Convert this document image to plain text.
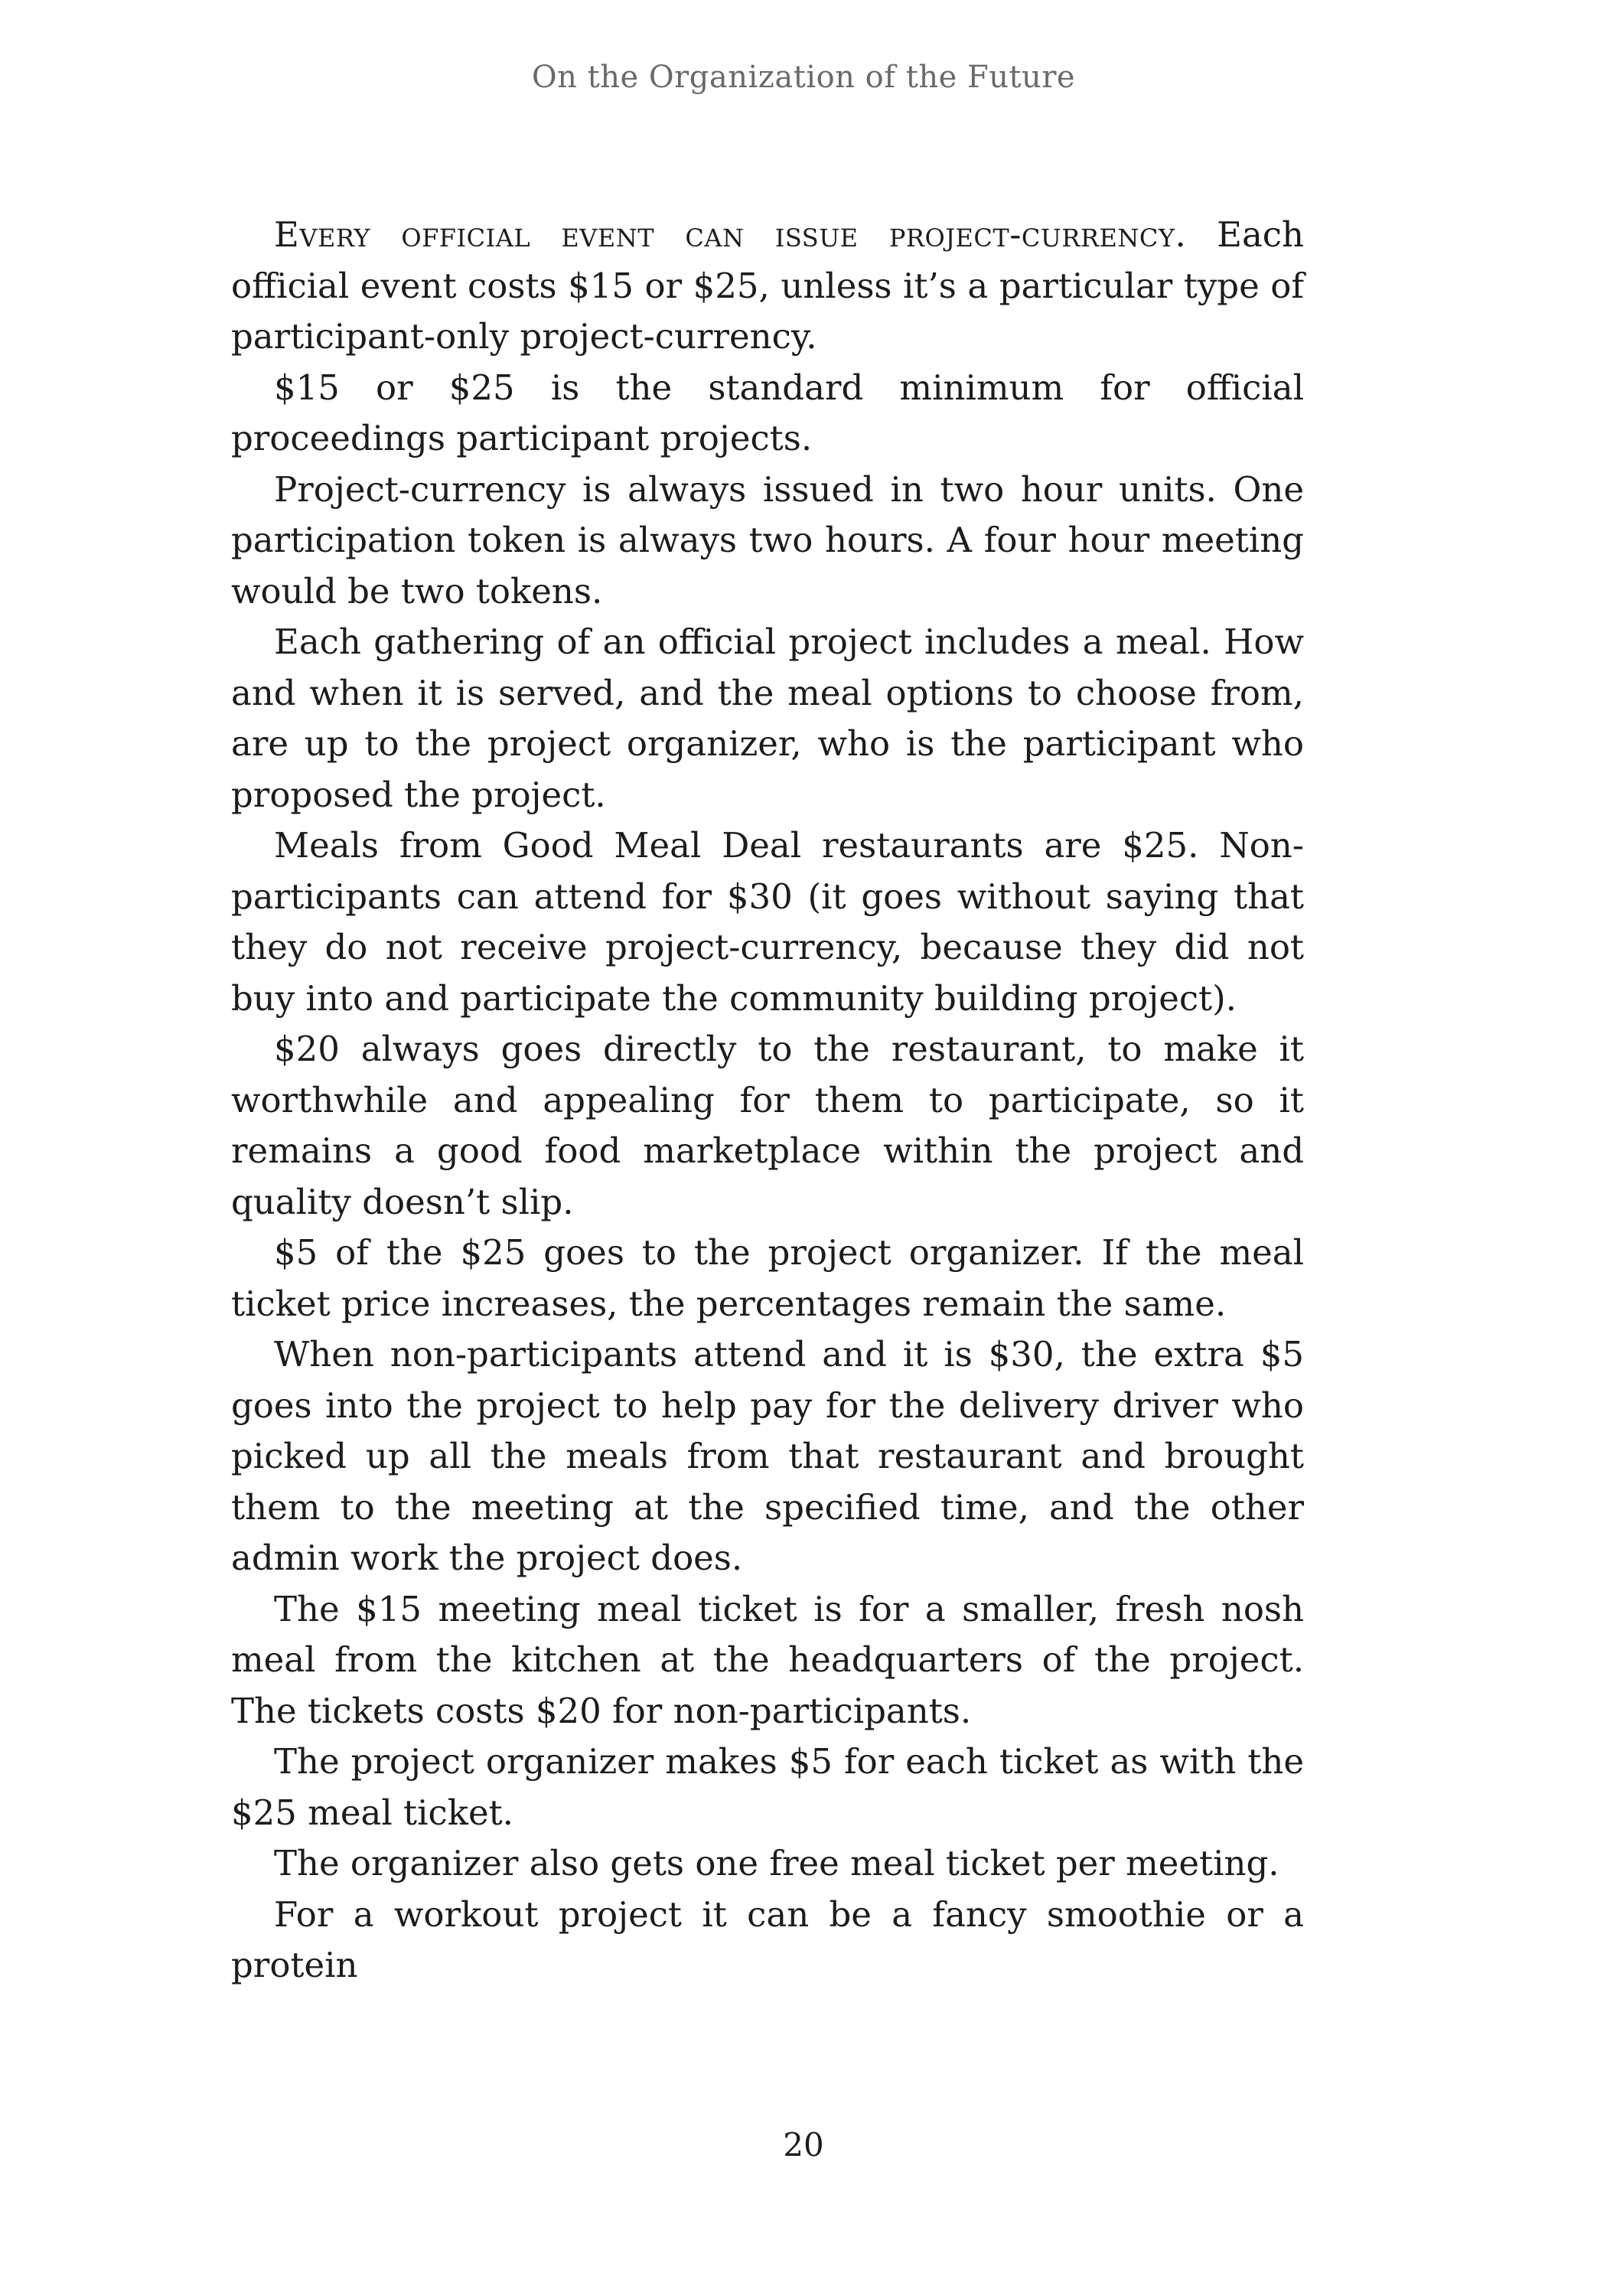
On the Organization of the Future

Every official event can issue project-currency. Each official event costs $15 or $25, unless it’s a particular type of participant-only project-currency.

$15 or $25 is the standard minimum for official proceedings participant projects.

Project-currency is always issued in two hour units. One participation token is always two hours. A four hour meeting would be two tokens.

Each gathering of an official project includes a meal. How and when it is served, and the meal options to choose from, are up to the project organizer, who is the participant who proposed the project.

Meals from Good Meal Deal restaurants are $25. Non-participants can attend for $30 (it goes without saying that they do not receive project-currency, because they did not buy into and participate the community building project).

$20 always goes directly to the restaurant, to make it worthwhile and appealing for them to participate, so it remains a good food marketplace within the project and quality doesn’t slip.

$5 of the $25 goes to the project organizer. If the meal ticket price increases, the percentages remain the same.

When non-participants attend and it is $30, the extra $5 goes into the project to help pay for the delivery driver who picked up all the meals from that restaurant and brought them to the meeting at the specified time, and the other admin work the project does.

The $15 meeting meal ticket is for a smaller, fresh nosh meal from the kitchen at the headquarters of the project. The tickets costs $20 for non-participants.

The project organizer makes $5 for each ticket as with the $25 meal ticket.

The organizer also gets one free meal ticket per meeting.

For a workout project it can be a fancy smoothie or a protein

20
